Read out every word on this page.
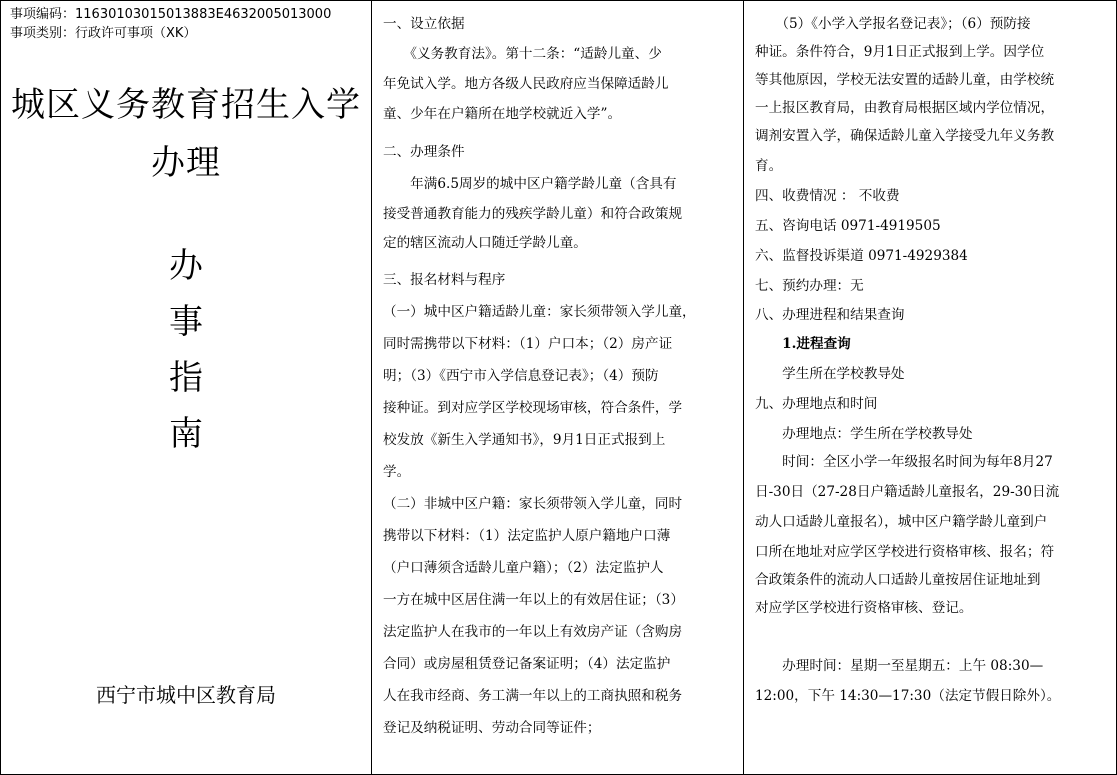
事项编码：11630103015013883E4632005013000
事项类别：行政许可事项（XK）
城区义务教育招生入学
办理
办
事
指
南
西宁市城中区教育局
一、设立依据
　　《义务教育法》。第十二条：“适龄儿童、少
年免试入学。地方各级人民政府应当保障适龄儿
童、少年在户籍所在地学校就近入学”。
二、办理条件
　　年满6.5周岁的城中区户籍学龄儿童（含具有
接受普通教育能力的残疾学龄儿童）和符合政策规
定的辖区流动人口随迁学龄儿童。
三、报名材料与程序
（一）城中区户籍适龄儿童：家长须带领入学儿童，
同时需携带以下材料：（1）户口本；（2）房产证
明；（3）《西宁市入学信息登记表》；（4）预防
接种证。到对应学区学校现场审核，符合条件，学
校发放《新生入学通知书》，9月1日正式报到上
学。
（二）非城中区户籍：家长须带领入学儿童，同时
携带以下材料：（1）法定监护人原户籍地户口薄
（户口薄须含适龄儿童户籍）；（2）法定监护人
一方在城中区居住满一年以上的有效居住证；（3）
法定监护人在我市的一年以上有效房产证（含购房
合同）或房屋租赁登记备案证明；（4）法定监护
人在我市经商、务工满一年以上的工商执照和税务
登记及纳税证明、劳动合同等证件；
　　（5）《小学入学报名登记表》；（6）预防接
种证。条件符合，9月1日正式报到上学。因学位
等其他原因，学校无法安置的适龄儿童，由学校统
一上报区教育局，由教育局根据区域内学位情况，
调剂安置入学，确保适龄儿童入学接受九年义务教
育。
四、收费情况 ： 不收费
五、咨询电话 0971-4919505
六、监督投诉渠道 0971-4929384
七、预约办理：无
八、办理进程和结果查询
　　1.进程查询
　　学生所在学校教导处
九、办理地点和时间
　　办理地点：学生所在学校教导处
　　时间：全区小学一年级报名时间为每年8月27
日-30日（27-28日户籍适龄儿童报名，29-30日流
动人口适龄儿童报名），城中区户籍学龄儿童到户
口所在地址对应学区学校进行资格审核、报名；符
合政策条件的流动人口适龄儿童按居住证地址到
对应学区学校进行资格审核、登记。
　　办理时间：星期一至星期五：上午 08:30—
12:00，下午 14:30—17:30（法定节假日除外）。
